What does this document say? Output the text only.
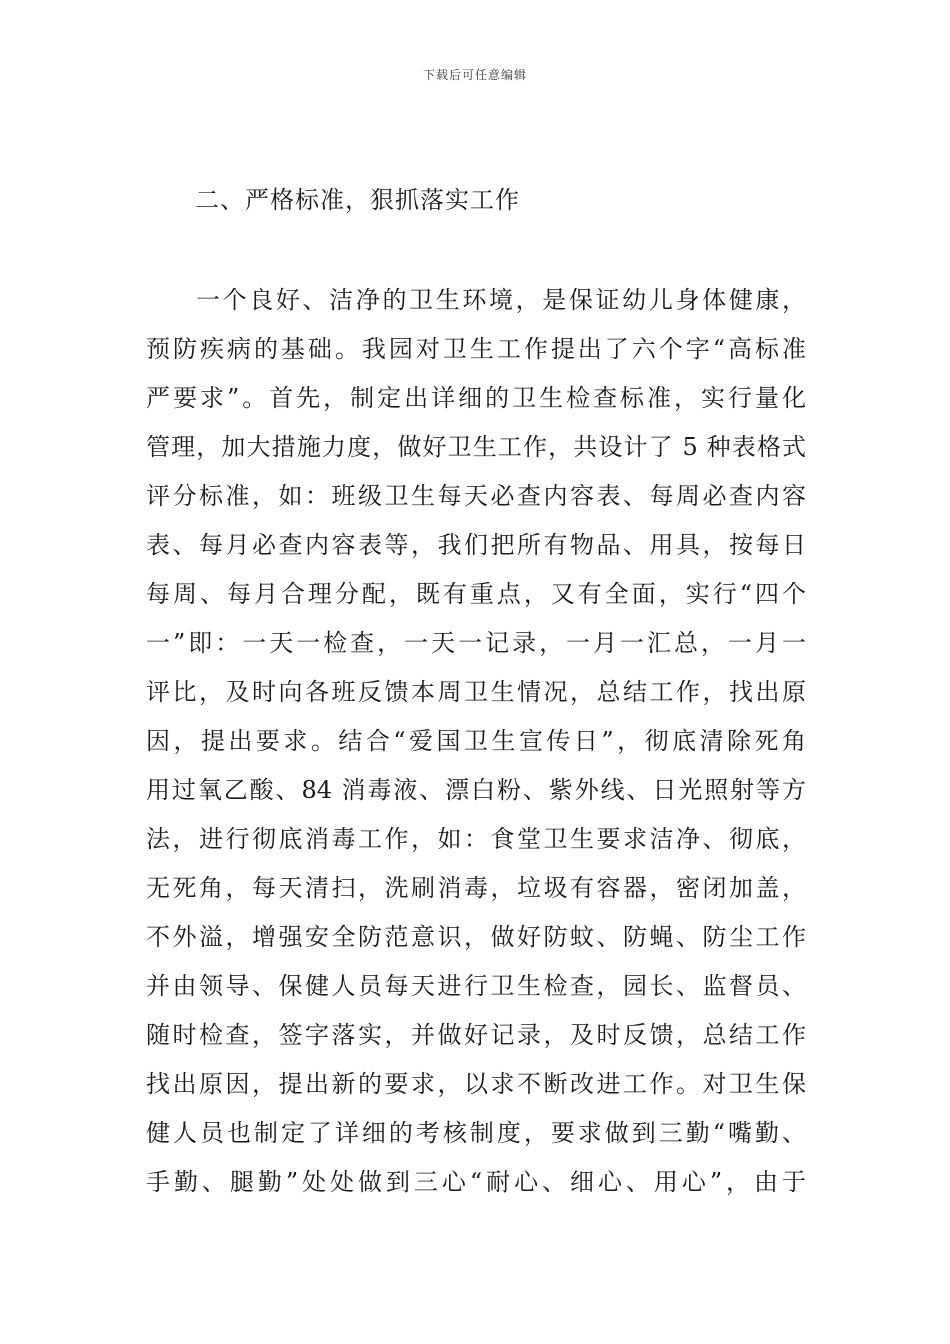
下载后可任意编辑
二、严格标准，狠抓落实工作
一个良好、洁净的卫生环境，是保证幼儿身体健康，
预防疾病的基础。我园对卫生工作提出了六个字“高标准
严要求”。首先，制定出详细的卫生检查标准，实行量化
管理，加大措施力度，做好卫生工作，共设计了 5 种表格式
评分标准，如：班级卫生每天必查内容表、每周必查内容
表、每月必查内容表等，我们把所有物品、用具，按每日
每周、每月合理分配，既有重点，又有全面，实行“四个
一”即：一天一检查，一天一记录，一月一汇总，一月一
评比，及时向各班反馈本周卫生情况，总结工作，找出原
因，提出要求。结合“爱国卫生宣传日”，彻底清除死角
用过氧乙酸、84 消毒液、漂白粉、紫外线、日光照射等方
法，进行彻底消毒工作，如：食堂卫生要求洁净、彻底，
无死角，每天清扫，洗刷消毒，垃圾有容器，密闭加盖，
不外溢，增强安全防范意识，做好防蚊、防蝇、防尘工作
并由领导、保健人员每天进行卫生检查，园长、监督员、
随时检查，签字落实，并做好记录，及时反馈，总结工作
找出原因，提出新的要求，以求不断改进工作。对卫生保
健人员也制定了详细的考核制度，要求做到三勤“嘴勤、
手勤、腿勤”处处做到三心“耐心、细心、用心”，由于
